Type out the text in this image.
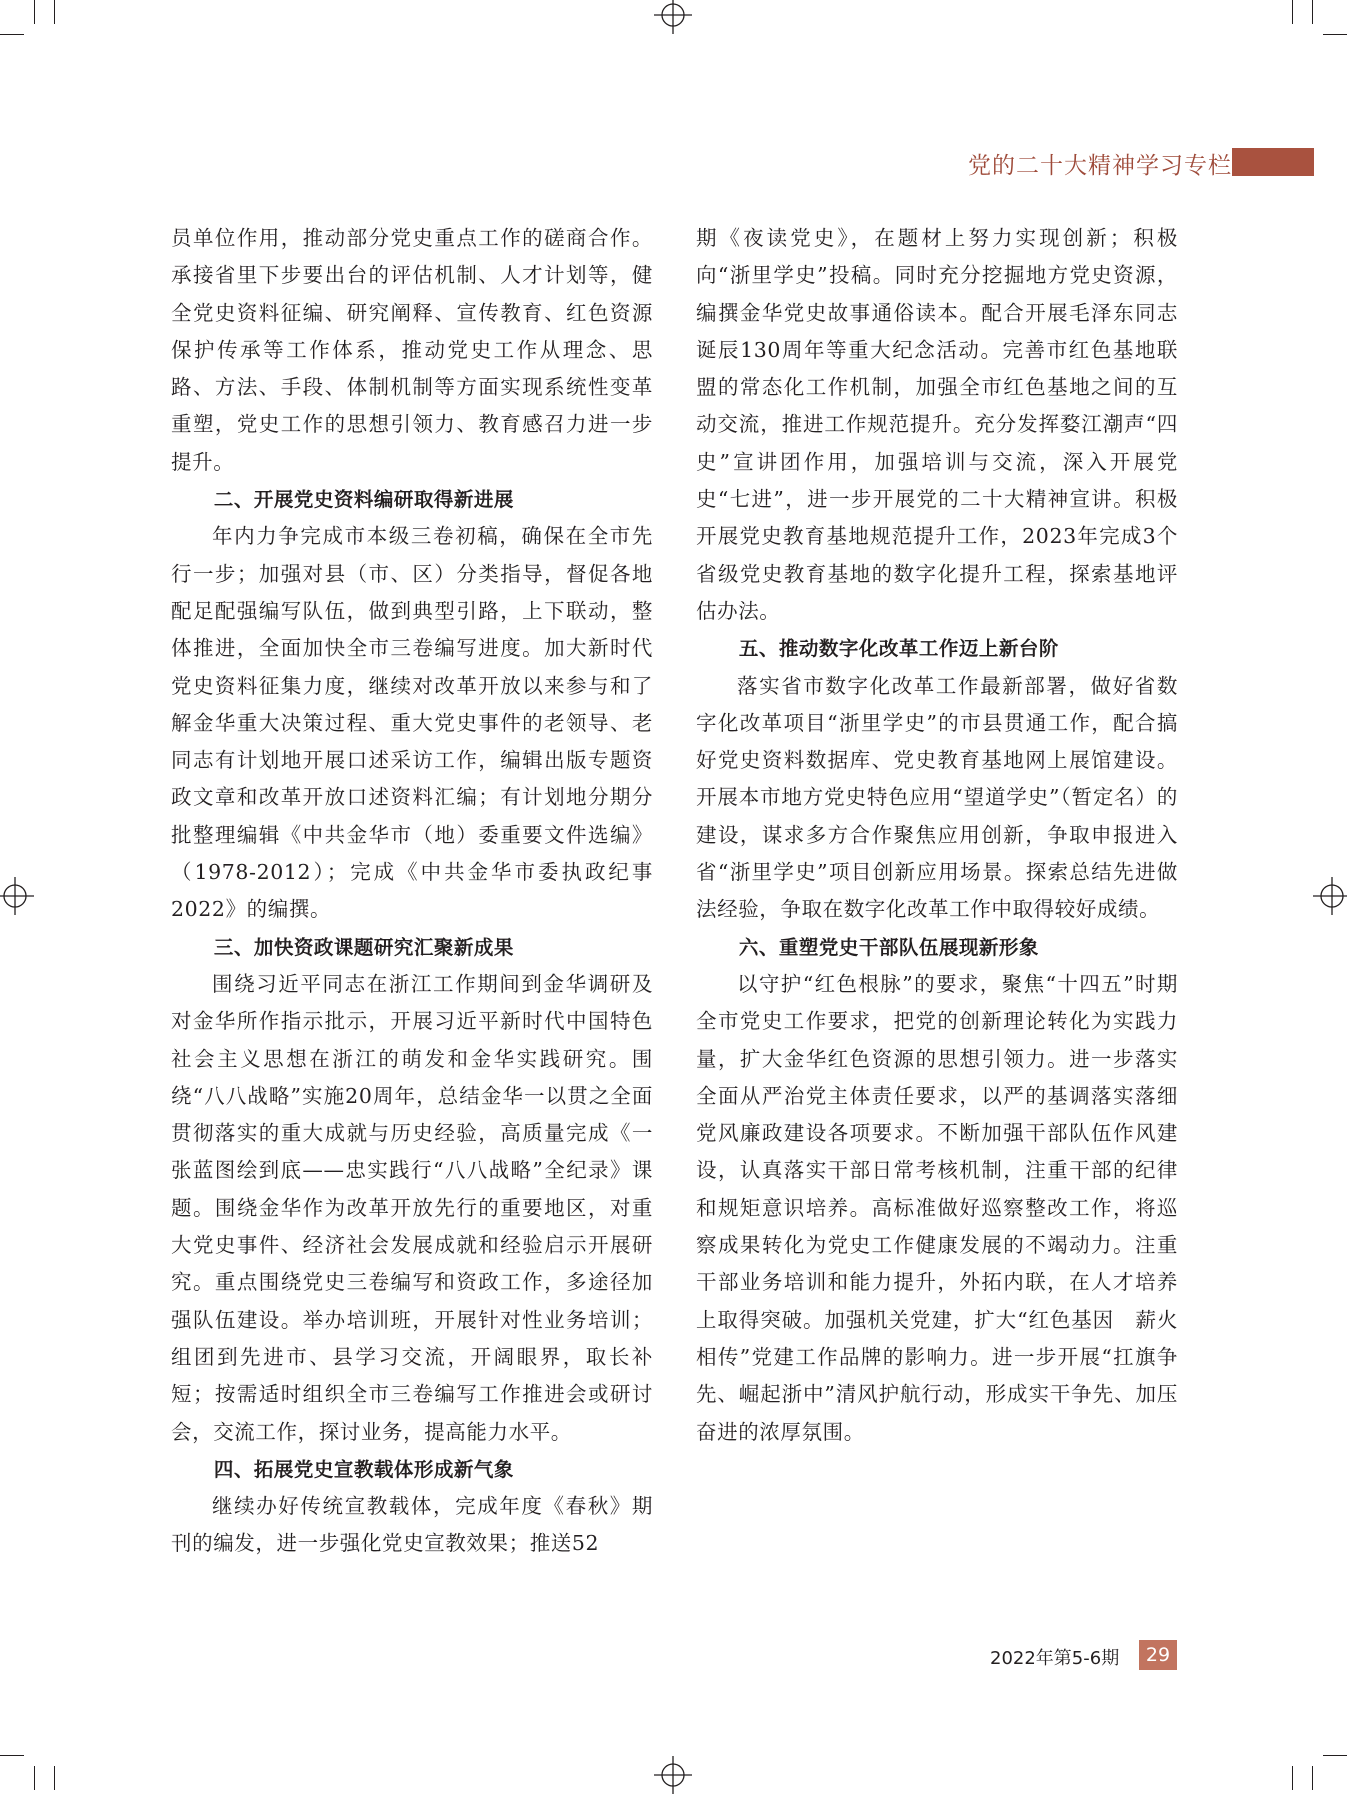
党的二十大精神学习专栏

员单位作用，推动部分党史重点工作的磋商合作。承接省里下步要出台的评估机制、人才计划等，健全党史资料征编、研究阐释、宣传教育、红色资源保护传承等工作体系，推动党史工作从理念、思路、方法、手段、体制机制等方面实现系统性变革重塑，党史工作的思想引领力、教育感召力进一步提升。

二、开展党史资料编研取得新进展

年内力争完成市本级三卷初稿，确保在全市先行一步；加强对县（市、区）分类指导，督促各地配足配强编写队伍，做到典型引路，上下联动，整体推进，全面加快全市三卷编写进度。加大新时代党史资料征集力度，继续对改革开放以来参与和了解金华重大决策过程、重大党史事件的老领导、老同志有计划地开展口述采访工作，编辑出版专题资政文章和改革开放口述资料汇编；有计划地分期分批整理编辑《中共金华市（地）委重要文件选编》（1978-2012）；完成《中共金华市委执政纪事2022》的编撰。

三、加快资政课题研究汇聚新成果

围绕习近平同志在浙江工作期间到金华调研及对金华所作指示批示，开展习近平新时代中国特色社会主义思想在浙江的萌发和金华实践研究。围绕“八八战略”实施20周年，总结金华一以贯之全面贯彻落实的重大成就与历史经验，高质量完成《一张蓝图绘到底——忠实践行“八八战略”全纪录》课题。围绕金华作为改革开放先行的重要地区，对重大党史事件、经济社会发展成就和经验启示开展研究。重点围绕党史三卷编写和资政工作，多途径加强队伍建设。举办培训班，开展针对性业务培训；组团到先进市、县学习交流，开阔眼界，取长补短；按需适时组织全市三卷编写工作推进会或研讨会，交流工作，探讨业务，提高能力水平。

四、拓展党史宣教载体形成新气象

继续办好传统宣教载体，完成年度《春秋》期刊的编发，进一步强化党史宣教效果；推送52

期《夜读党史》，在题材上努力实现创新；积极向“浙里学史”投稿。同时充分挖掘地方党史资源，编撰金华党史故事通俗读本。配合开展毛泽东同志诞辰130周年等重大纪念活动。完善市红色基地联盟的常态化工作机制，加强全市红色基地之间的互动交流，推进工作规范提升。充分发挥婺江潮声“四史”宣讲团作用，加强培训与交流，深入开展党史“七进”，进一步开展党的二十大精神宣讲。积极开展党史教育基地规范提升工作，2023年完成3个省级党史教育基地的数字化提升工程，探索基地评估办法。

五、推动数字化改革工作迈上新台阶

落实省市数字化改革工作最新部署，做好省数字化改革项目“浙里学史”的市县贯通工作，配合搞好党史资料数据库、党史教育基地网上展馆建设。开展本市地方党史特色应用“望道学史”（暂定名）的建设，谋求多方合作聚焦应用创新，争取申报进入省“浙里学史”项目创新应用场景。探索总结先进做法经验，争取在数字化改革工作中取得较好成绩。

六、重塑党史干部队伍展现新形象

以守护“红色根脉”的要求，聚焦“十四五”时期全市党史工作要求，把党的创新理论转化为实践力量，扩大金华红色资源的思想引领力。进一步落实全面从严治党主体责任要求，以严的基调落实落细党风廉政建设各项要求。不断加强干部队伍作风建设，认真落实干部日常考核机制，注重干部的纪律和规矩意识培养。高标准做好巡察整改工作，将巡察成果转化为党史工作健康发展的不竭动力。注重干部业务培训和能力提升，外拓内联，在人才培养上取得突破。加强机关党建，扩大“红色基因　薪火相传”党建工作品牌的影响力。进一步开展“扛旗争先、崛起浙中”清风护航行动，形成实干争先、加压奋进的浓厚氛围。

2022年第5-6期	29
